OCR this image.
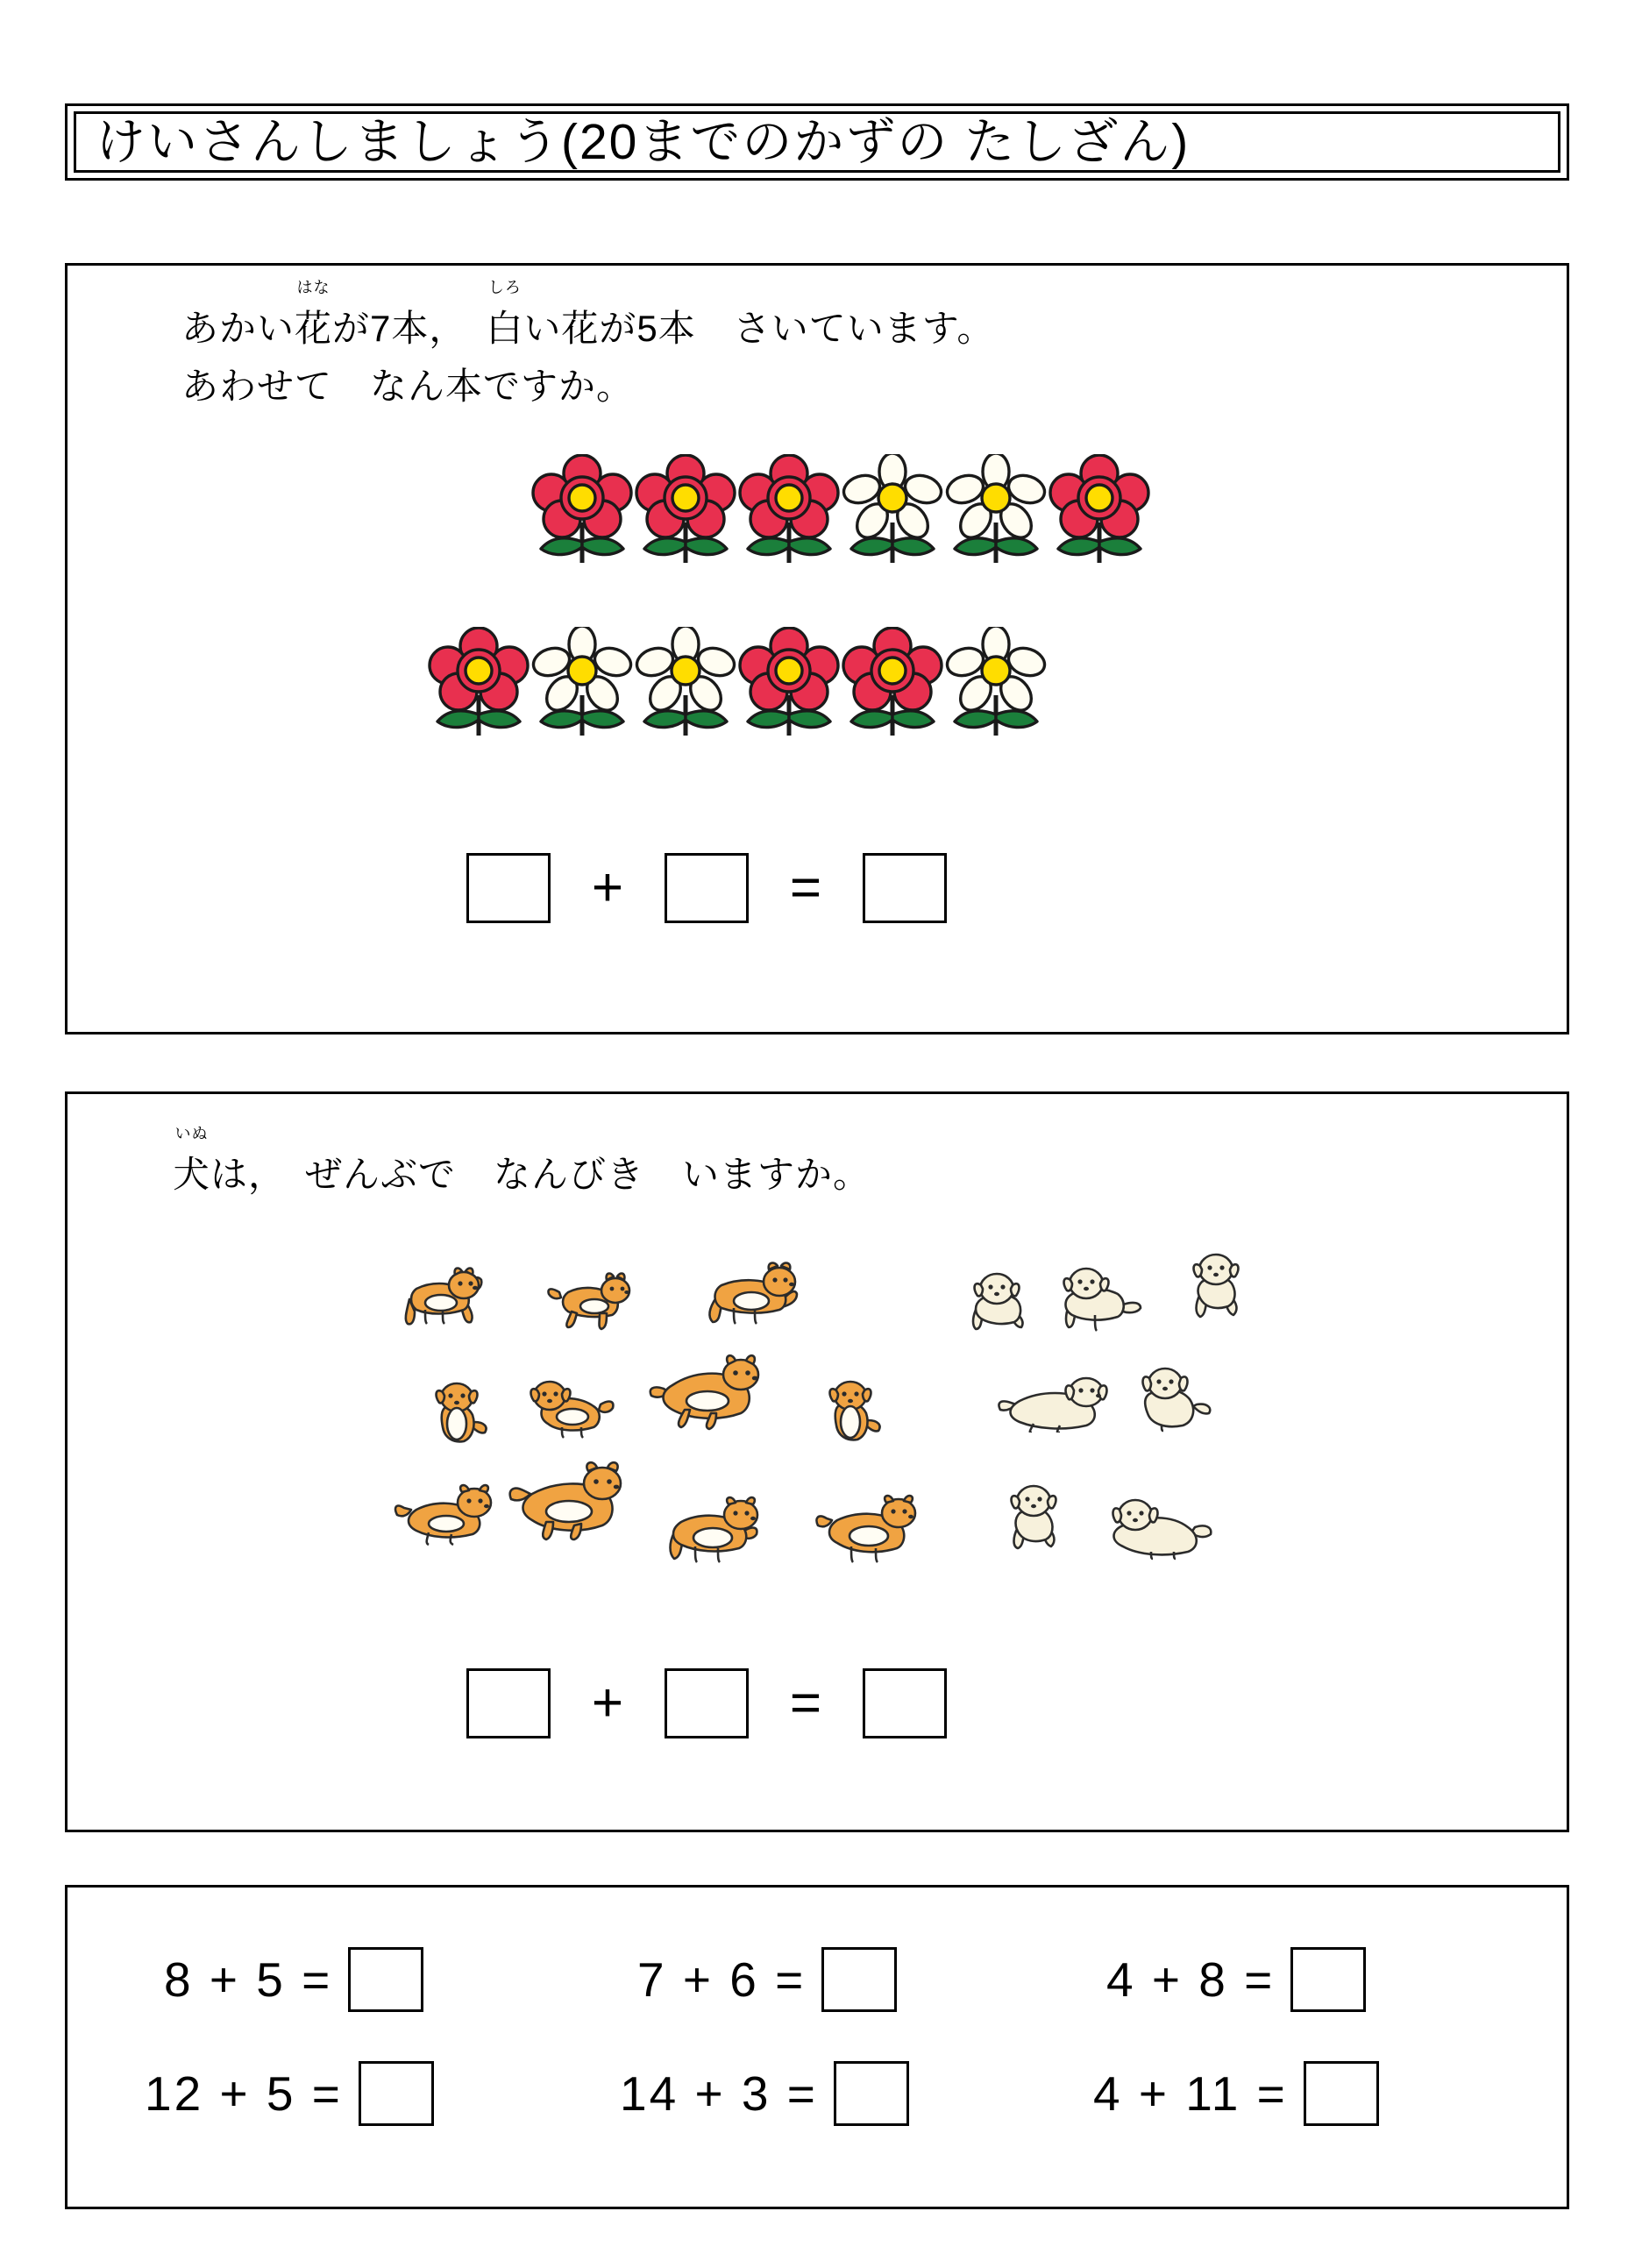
けいさんしましょう(20までのかずの たしざん)
あかい
はな
花が7本，　
しろ
白い花が5本　さいています。
あわせて　なん本ですか。
+	=
いぬ
犬は，　ぜんぶで　なんびき　いますか。
+	=
8 + 5 =	7 + 6 =	4 + 8 =
12 + 5 =	14 + 3 =	4 + 11 =
